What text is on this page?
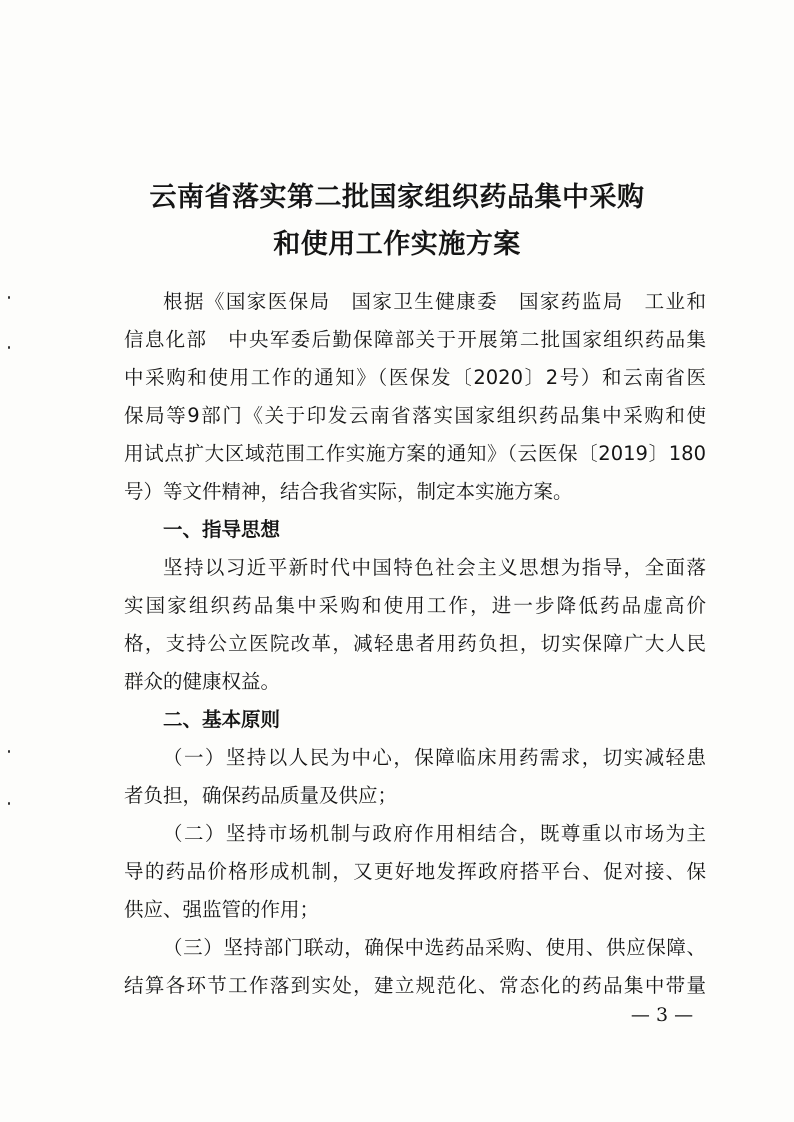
云南省落实第二批国家组织药品集中采购
和使用工作实施方案
根据《国家医保局　国家卫生健康委　国家药监局　工业和
信息化部　中央军委后勤保障部关于开展第二批国家组织药品集
中采购和使用工作的通知》（医保发〔2020〕2号）和云南省医
保局等9部门《关于印发云南省落实国家组织药品集中采购和使
用试点扩大区域范围工作实施方案的通知》（云医保〔2019〕180
号）等文件精神，结合我省实际，制定本实施方案。
一、指导思想
坚持以习近平新时代中国特色社会主义思想为指导，全面落
实国家组织药品集中采购和使用工作，进一步降低药品虚高价
格，支持公立医院改革，减轻患者用药负担，切实保障广大人民
群众的健康权益。
二、基本原则
（一）坚持以人民为中心，保障临床用药需求，切实减轻患
者负担，确保药品质量及供应；
（二）坚持市场机制与政府作用相结合，既尊重以市场为主
导的药品价格形成机制，又更好地发挥政府搭平台、促对接、保
供应、强监管的作用；
（三）坚持部门联动，确保中选药品采购、使用、供应保障、
结算各环节工作落到实处，建立规范化、常态化的药品集中带量
— 3 —
